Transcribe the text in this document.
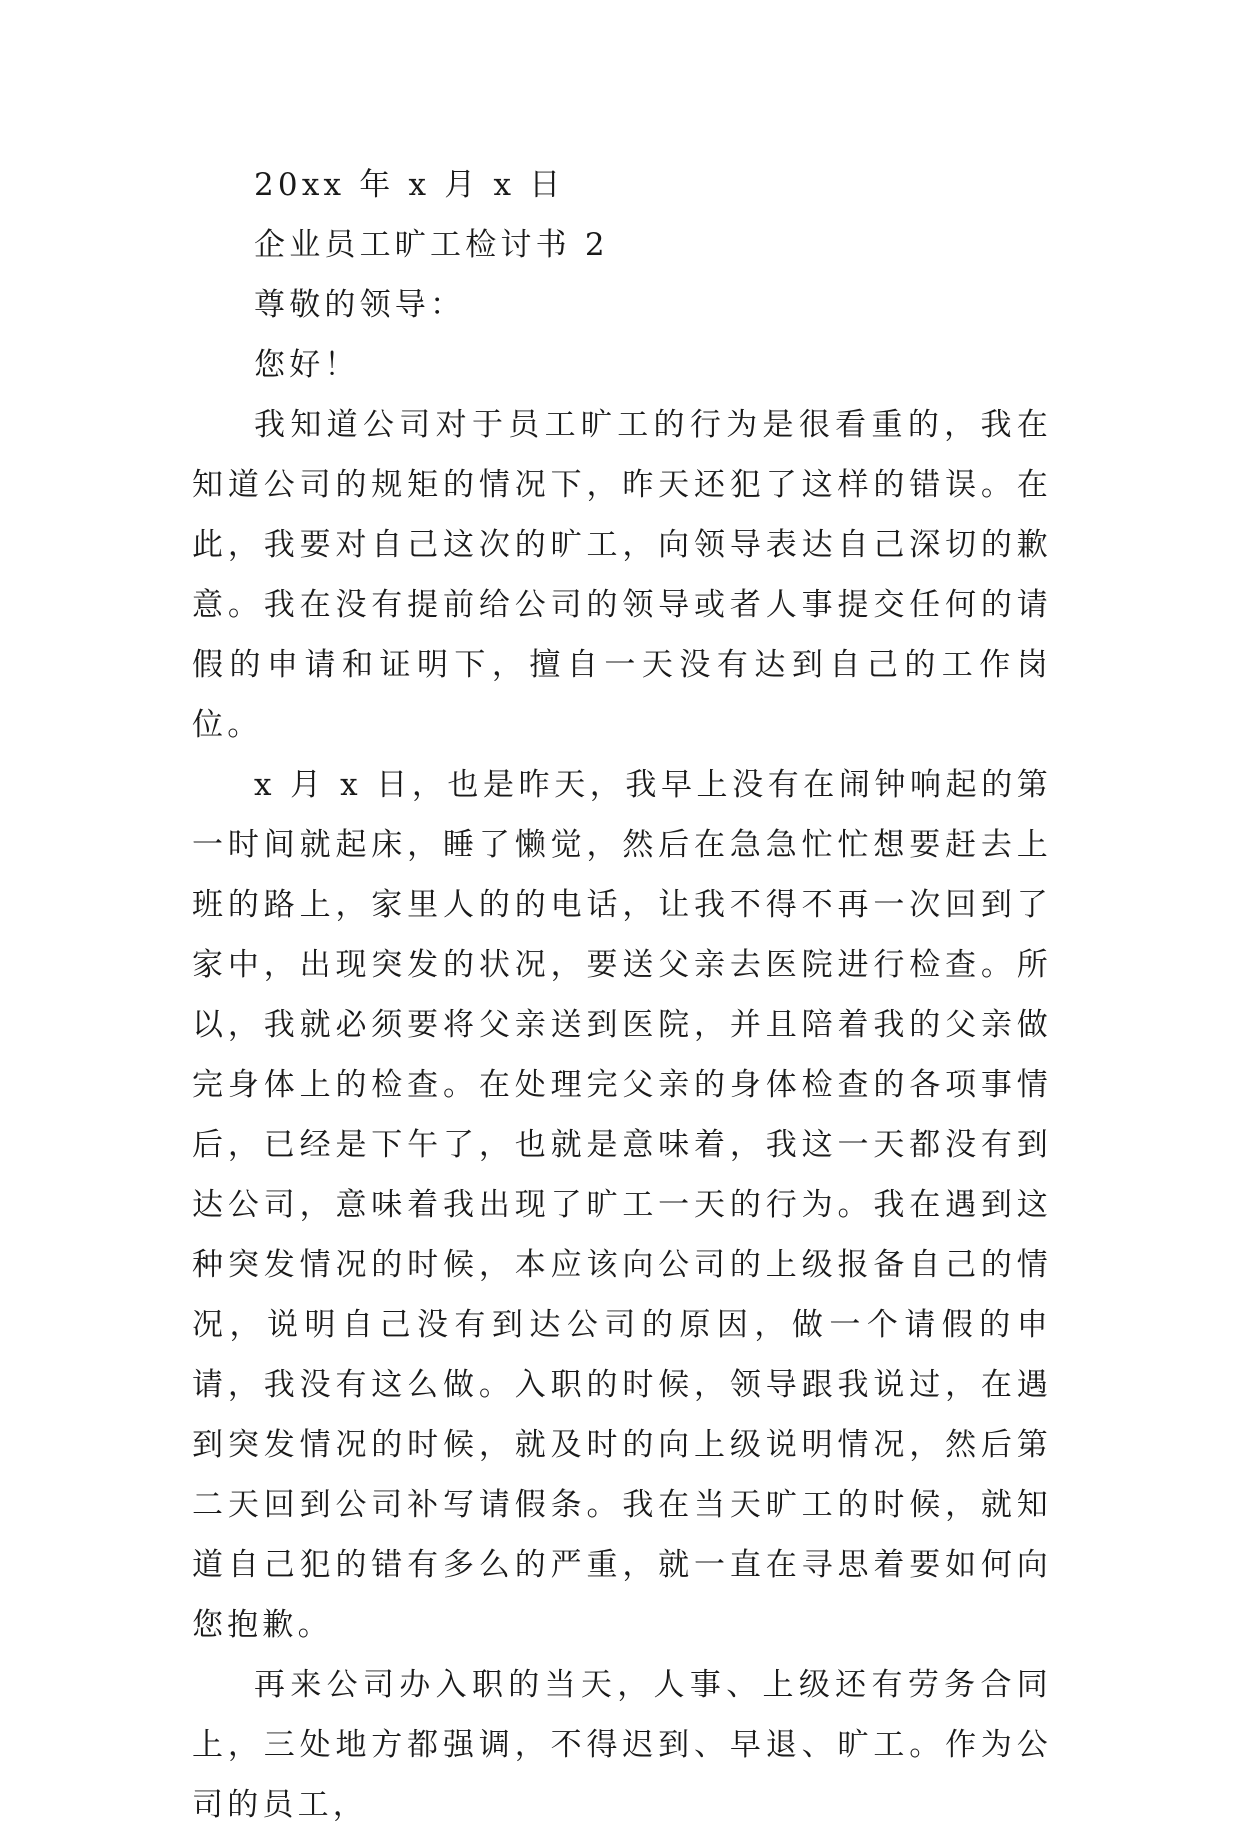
20xx 年 x 月 x 日

企业员工旷工检讨书 2

尊敬的领导：

您好！

我知道公司对于员工旷工的行为是很看重的，我在知道公司的规矩的情况下，昨天还犯了这样的错误。在此，我要对自己这次的旷工，向领导表达自己深切的歉意。我在没有提前给公司的领导或者人事提交任何的请假的申请和证明下，擅自一天没有达到自己的工作岗位。

x 月 x 日，也是昨天，我早上没有在闹钟响起的第一时间就起床，睡了懒觉，然后在急急忙忙想要赶去上班的路上，家里人的的电话，让我不得不再一次回到了家中，出现突发的状况，要送父亲去医院进行检查。所以，我就必须要将父亲送到医院，并且陪着我的父亲做完身体上的检查。在处理完父亲的身体检查的各项事情后，已经是下午了，也就是意味着，我这一天都没有到达公司，意味着我出现了旷工一天的行为。我在遇到这种突发情况的时候，本应该向公司的上级报备自己的情况，说明自己没有到达公司的原因，做一个请假的申请，我没有这么做。入职的时候，领导跟我说过，在遇到突发情况的时候，就及时的向上级说明情况，然后第二天回到公司补写请假条。我在当天旷工的时候，就知道自己犯的错有多么的严重，就一直在寻思着要如何向您抱歉。

再来公司办入职的当天，人事、上级还有劳务合同上，三处地方都强调，不得迟到、早退、旷工。作为公司的员工，
